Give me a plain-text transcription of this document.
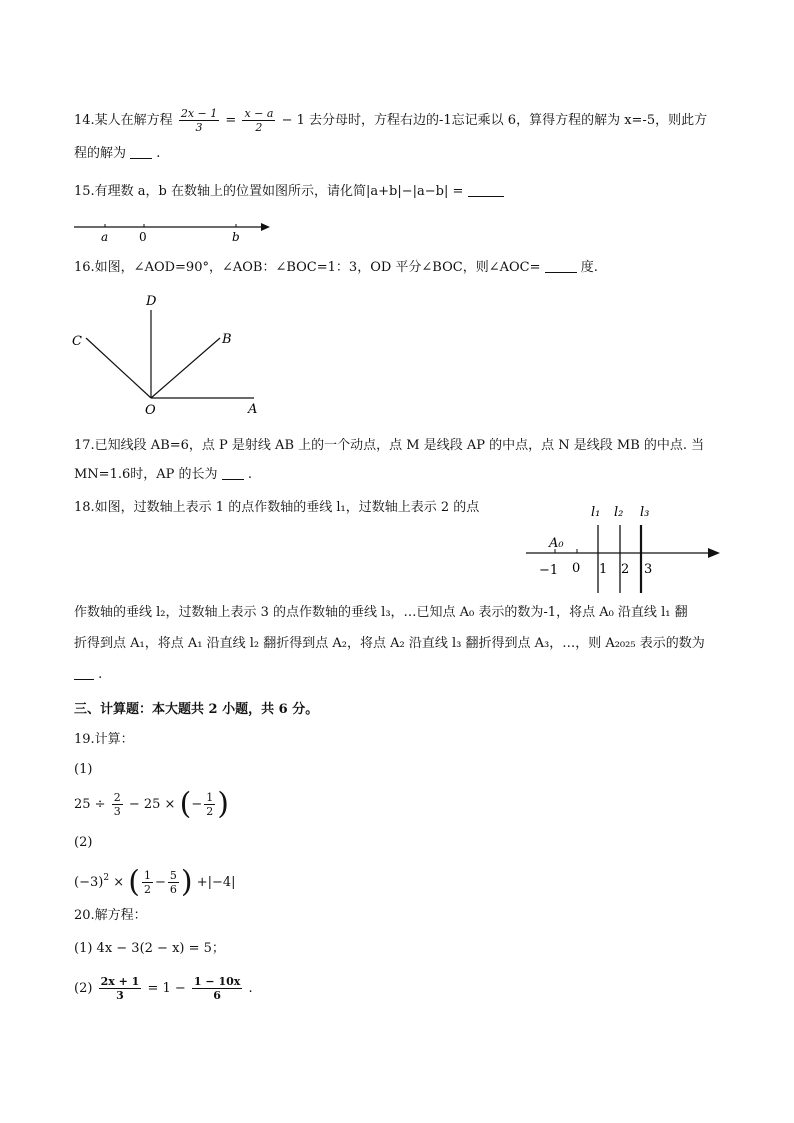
14.某人在解方程 $\frac{2x - 1}{3} = \frac{x - a}{2} - 1$ 去分母时，方程右边的-1忘记乘以 6，算得方程的解为 x=-5，则此方
程的解为 .
15.有理数 a，b 在数轴上的位置如图所示，请化简|a+b|−|a−b| =
a	0	b
16.如图，∠AOD=90°，∠AOB：∠BOC=1：3，OD 平分∠BOC，则∠AOC=	度.
D
C	B
O	A
17.已知线段 AB=6，点 P 是射线 AB 上的一个动点，点 M 是线段 AP 的中点，点 N 是线段 MB 的中点. 当
MN=1.6时，AP 的长为 .
18.如图，过数轴上表示 1 的点作数轴的垂线 l₁，过数轴上表示 2 的点	l₁ l₂ l₃
A₀
−1 0 1 2 3
作数轴的垂线 l₂，过数轴上表示 3 的点作数轴的垂线 l₃，…已知点 A₀ 表示的数为-1，将点 A₀ 沿直线 l₁ 翻
折得到点 A₁，将点 A₁ 沿直线 l₂ 翻折得到点 A₂，将点 A₂ 沿直线 l₃ 翻折得到点 A₃，…，则 A₂₀₂₅ 表示的数为
.
三、计算题：本大题共 2 小题，共 6 分。
19.计算：
(1)
$25 \div \frac{2}{3} - 25$ × (− $\frac{1}{2}$ )
(2)
$(-3)^2$ × ( $\frac{1}{2} - \frac{5}{6}$ ) +|−4|
20.解方程：
(1) 4x − 3(2 − x) = 5；
$(2) \frac{2x + 1}{3} = 1 - \frac{1 - 10x}{6}$ .
